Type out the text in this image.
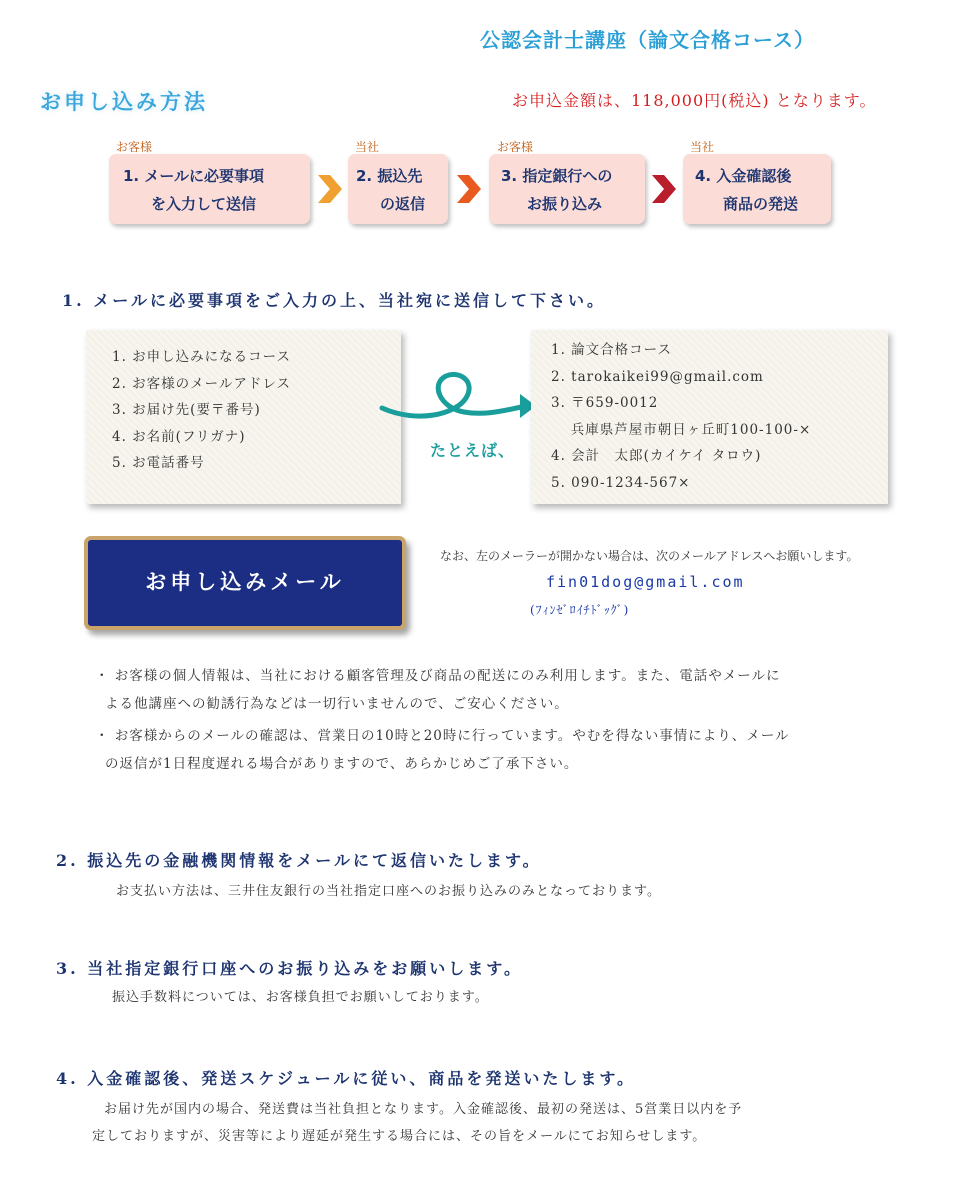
公認会計士講座（論文合格コース）
お申し込み方法	お申込金額は、118,000円(税込) となります。
お客様
1. メールに必要事項
を入力して送信
当社
2. 振込先
の返信
お客様
3. 指定銀行への
お振り込み
当社
4. 入金確認後
商品の発送
1. メールに必要事項をご入力の上、当社宛に送信して下さい。
1. お申し込みになるコース
2. お客様のメールアドレス
3. お届け先(要〒番号)
4. お名前(フリガナ)
5. お電話番号
たとえば、
1. 論文合格コース
2. tarokaikei99@gmail.com
3. 〒659-0012
　 兵庫県芦屋市朝日ヶ丘町100-100-×
4. 会計　太郎(カイケイ タロウ)
5. 090-1234-567×
お申し込みメール
なお、左のメーラーが開かない場合は、次のメールアドレスへお願いします。
fin01dog@gmail.com
(ﾌｨﾝｾﾞﾛｲﾁﾄﾞｯｸﾞ)
・ お客様の個人情報は、当社における顧客管理及び商品の配送にのみ利用します。また、電話やメールに
よる他講座への勧誘行為などは一切行いませんので、ご安心ください。
・ お客様からのメールの確認は、営業日の10時と20時に行っています。やむを得ない事情により、メール
の返信が1日程度遅れる場合がありますので、あらかじめご了承下さい。
2. 振込先の金融機関情報をメールにて返信いたします。
お支払い方法は、三井住友銀行の当社指定口座へのお振り込みのみとなっております。
3. 当社指定銀行口座へのお振り込みをお願いします。
振込手数料については、お客様負担でお願いしております。
4. 入金確認後、発送スケジュールに従い、商品を発送いたします。
お届け先が国内の場合、発送費は当社負担となります。入金確認後、最初の発送は、5営業日以内を予
定しておりますが、災害等により遅延が発生する場合には、その旨をメールにてお知らせします。
